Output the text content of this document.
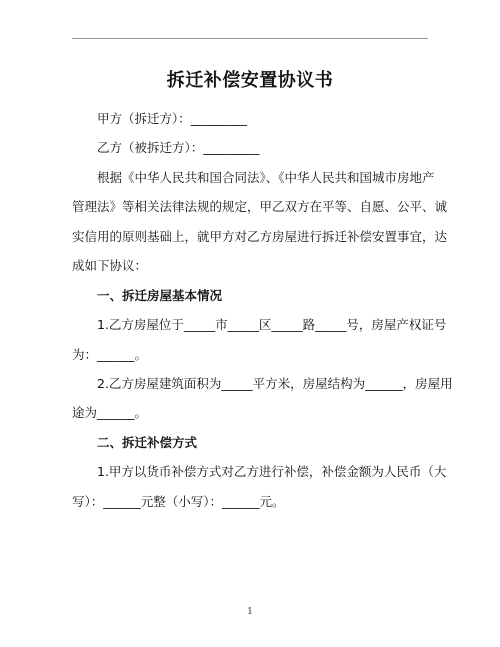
拆迁补偿安置协议书
甲方（拆迁方）：_________
乙方（被拆迁方）：_________
根据《中华人民共和国合同法》、《中华人民共和国城市房地产
管理法》等相关法律法规的规定，甲乙双方在平等、自愿、公平、诚
实信用的原则基础上，就甲方对乙方房屋进行拆迁补偿安置事宜，达
成如下协议：
一、拆迁房屋基本情况
1.乙方房屋位于_____市_____区_____路_____号，房屋产权证号
为：______。
2.乙方房屋建筑面积为_____平方米，房屋结构为______，房屋用
途为______。
二、拆迁补偿方式
1.甲方以货币补偿方式对乙方进行补偿，补偿金额为人民币（大
写）：______元整（小写）：______元。
1
